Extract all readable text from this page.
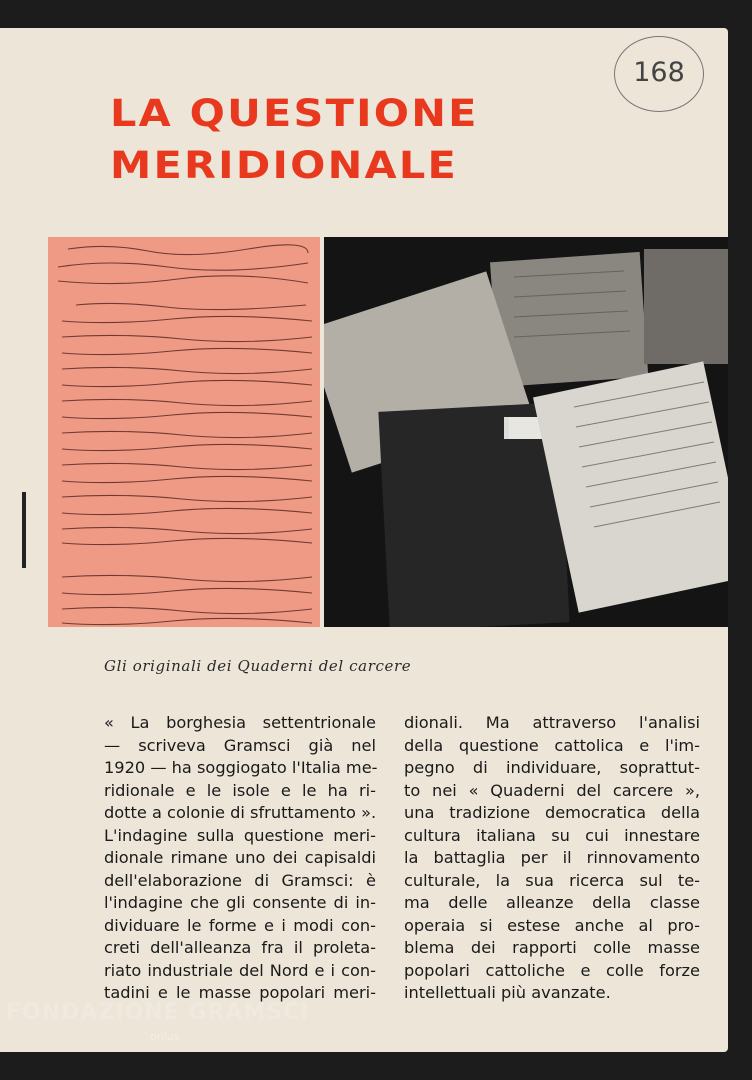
168
LA QUESTIONE
MERIDIONALE

Gli originali dei Quaderni del carcere

« La borghesia settentrionale
— scriveva Gramsci già nel
1920 — ha soggiogato l'Italia me-
ridionale e le isole e le ha ri-
dotte a colonie di sfruttamento ».
L'indagine sulla questione meri-
dionale rimane uno dei capisaldi
dell'elaborazione di Gramsci: è
l'indagine che gli consente di in-
dividuare le forme e i modi con-
creti dell'alleanza fra il proleta-
riato industriale del Nord e i con-
tadini e le masse popolari meri-
dionali. Ma attraverso l'analisi
della questione cattolica e l'im-
pegno di individuare, soprattut-
to nei « Quaderni del carcere »,
una tradizione democratica della
cultura italiana su cui innestare
la battaglia per il rinnovamento
culturale, la sua ricerca sul te-
ma delle alleanze della classe
operaia si estese anche al pro-
blema dei rapporti colle masse
popolari cattoliche e colle forze
intellettuali più avanzate.
FONDAZIONE GRAMSCI
onlus
